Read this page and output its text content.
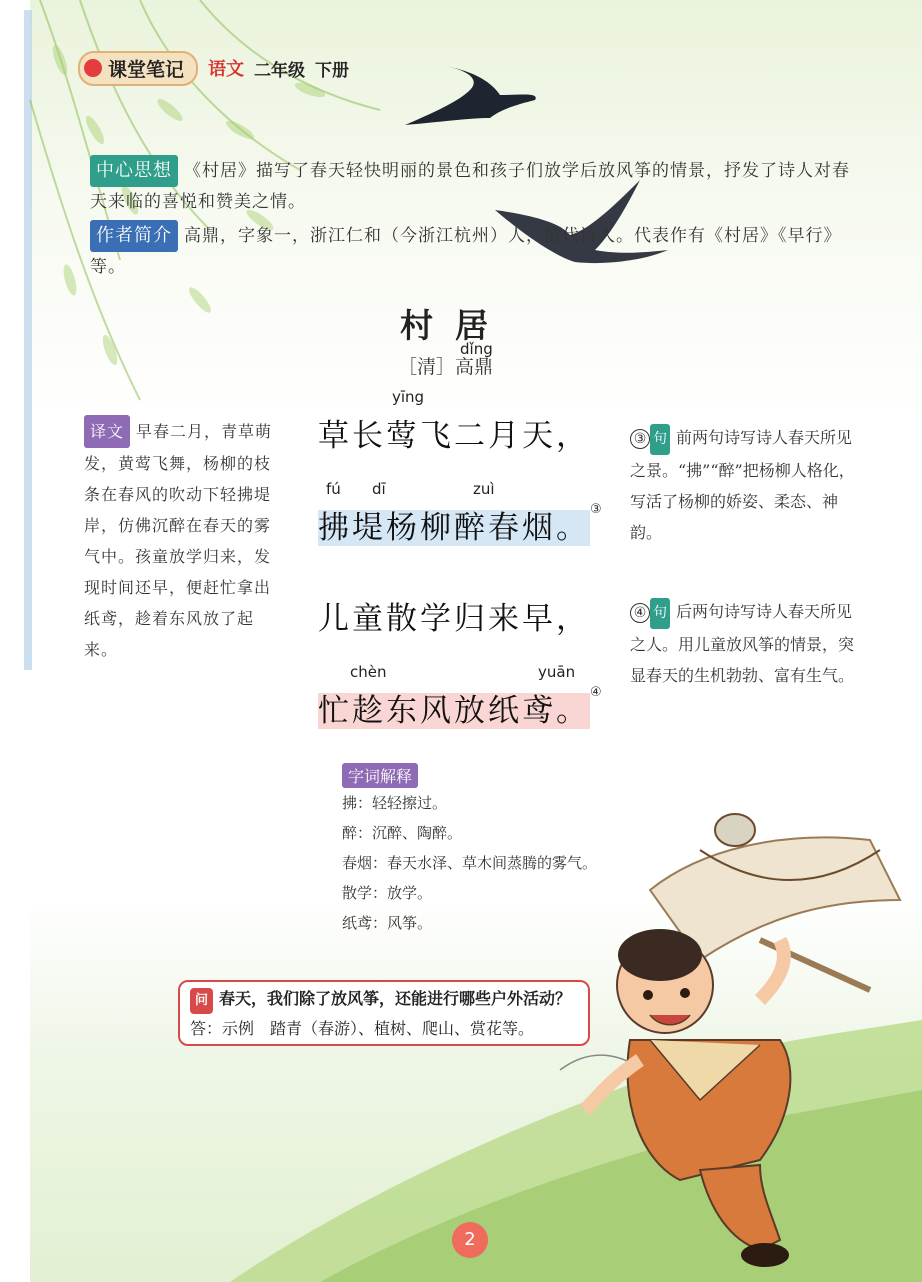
课堂笔记 语文 二年级 下册
中心思想 《村居》描写了春天轻快明丽的景色和孩子们放学后放风筝的情景，抒发了诗人对春天来临的喜悦和赞美之情。
作者简介 高鼎，字象一，浙江仁和（今浙江杭州）人，清代诗人。代表作有《村居》《早行》等。
村居
［清］高鼎
dǐng
yīng
fú dī	zuì
chèn	yuān
草长莺飞二月天，
拂堤杨柳醉春烟。
③
儿童散学归来早，
忙趁东风放纸鸢。
④
译文 早春二月，青草萌发，黄莺飞舞，杨柳的枝条在春风的吹动下轻拂堤岸，仿佛沉醉在春天的雾气中。孩童放学归来，发现时间还早，便赶忙拿出纸鸢，趁着东风放了起来。
③ 句 前两句诗写诗人春天所见之景。“拂”“醉”把杨柳人格化，写活了杨柳的娇姿、柔态、神韵。
④ 句 后两句诗写诗人春天所见之人。用儿童放风筝的情景，突显春天的生机勃勃、富有生气。
字词解释
拂：轻轻擦过。
醉：沉醉、陶醉。
春烟：春天水泽、草木间蒸腾的雾气。
散学：放学。
纸鸢：风筝。
问 春天，我们除了放风筝，还能进行哪些户外活动？
答：示例　踏青（春游）、植树、爬山、赏花等。
2
